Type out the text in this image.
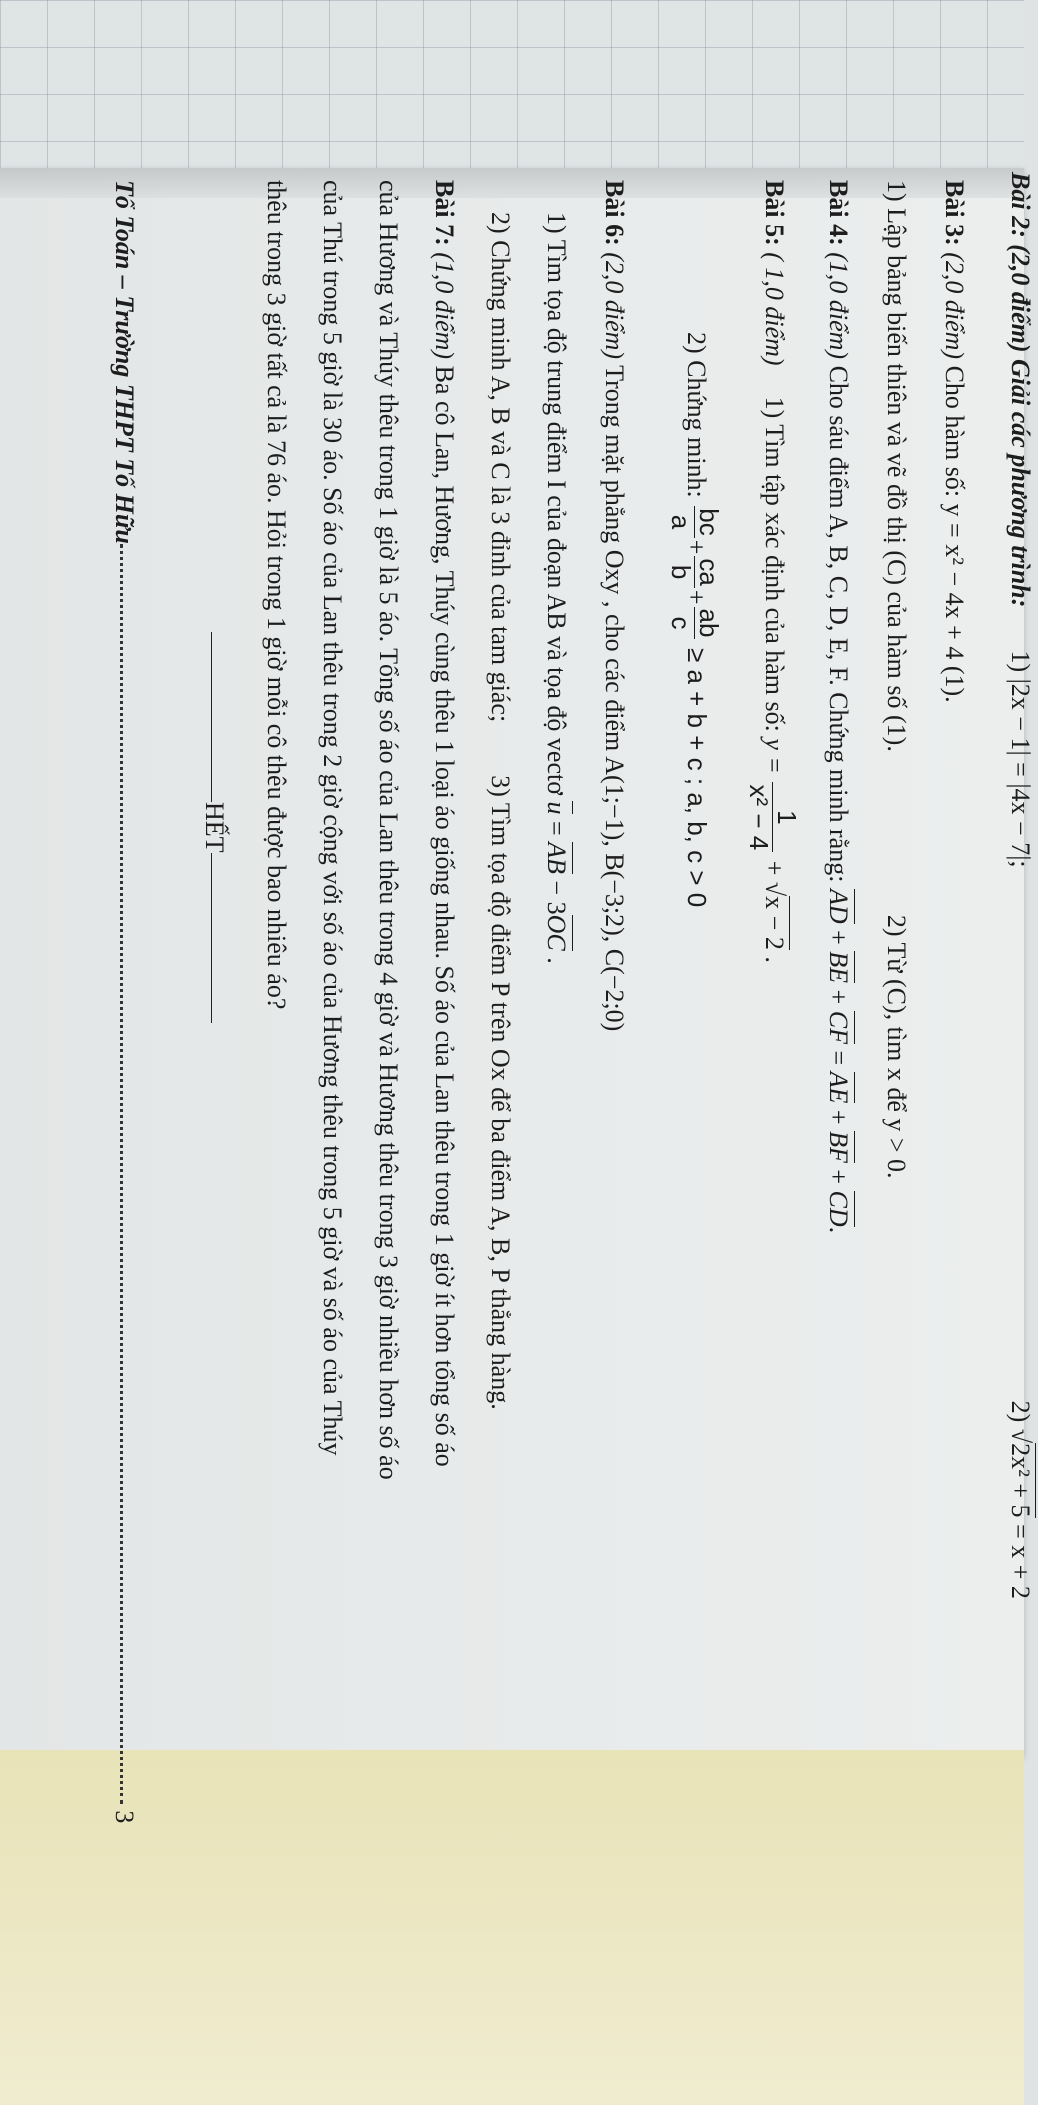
Bài 2: (2,0 điểm) Giải các phương trình:  1) |2x − 1| = |4x − 7|;  2) √2x² + 5 = x + 2
Bài 3: (2,0 điểm) Cho hàm số: y = x² − 4x + 4 (1).
1) Lập bảng biến thiên và vẽ đồ thị (C) của hàm số (1).  2) Từ (C), tìm x để y > 0.
Bài 4: (1,0 điểm) Cho sáu điểm A, B, C, D, E, F. Chứng minh rằng: AD + BE + CF = AE + BF + CD.
Bài 5: ( 1,0 điểm)  1) Tìm tập xác định của hàm số: y =
1
x² − 4
+ √x − 2 .
2) Chứng minh:
bc
a
+
ca
b
+
ab
c
≥ a + b + c ; a, b, c > 0
Bài 6: (2,0 điểm) Trong mặt phẳng Oxy , cho các điểm A(1;−1), B(−3;2), C(−2;0)
1) Tìm tọa độ trung điểm I của đoạn AB và tọa độ vectơ u = AB − 3OC .
2) Chứng minh A, B và C là 3 đỉnh của tam giác;  3) Tìm tọa độ điểm P trên Ox để ba điểm A, B, P thẳng hàng.
Bài 7: (1,0 điểm) Ba cô Lan, Hương, Thúy cùng thêu 1 loại áo giống nhau. Số áo của Lan thêu trong 1 giờ ít hơn tổng số áo
của Hương và Thúy thêu trong 1 giờ là 5 áo. Tổng số áo của Lan thêu trong 4 giờ và Hương thêu trong 3 giờ nhiều hơn số áo
của Thú trong 5 giờ là 30 áo. Số áo của Lan thêu trong 2 giờ cộng với số áo của Hương thêu trong 5 giờ và số áo của Thúy
thêu trong 3 giờ tất cả là 76 áo. Hỏi trong 1 giờ mỗi cô thêu được bao nhiêu áo?
HẾT
Tổ Toán – Trường THPT Tố Hữu 3
